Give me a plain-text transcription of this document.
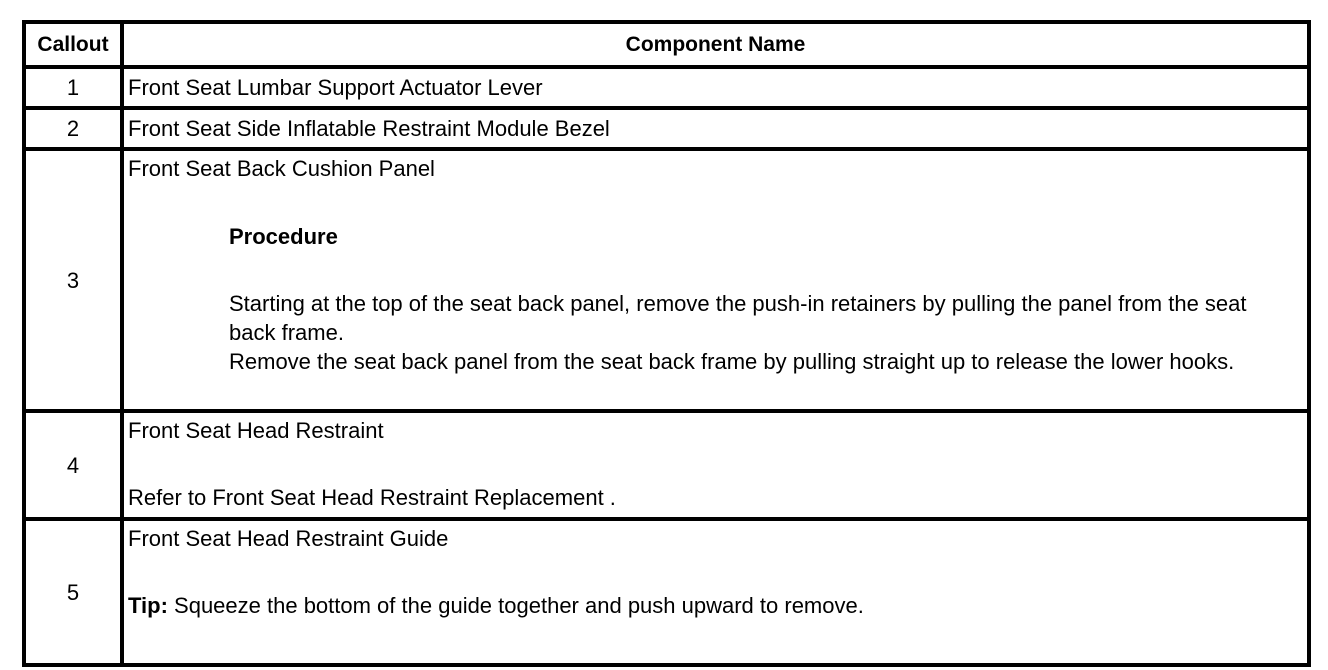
Callout	Component Name
1	Front Seat Lumbar Support Actuator Lever
2	Front Seat Side Inflatable Restraint Module Bezel
3	Front Seat Back Cushion Panel
Procedure
Starting at the top of the seat back panel, remove the push-in retainers by pulling the panel from the seat back frame.
Remove the seat back panel from the seat back frame by pulling straight up to release the lower hooks.

4	Front Seat Head Restraint
Refer to Front Seat Head Restraint Replacement .

5	Front Seat Head Restraint Guide
Tip: Squeeze the bottom of the guide together and push upward to remove.
